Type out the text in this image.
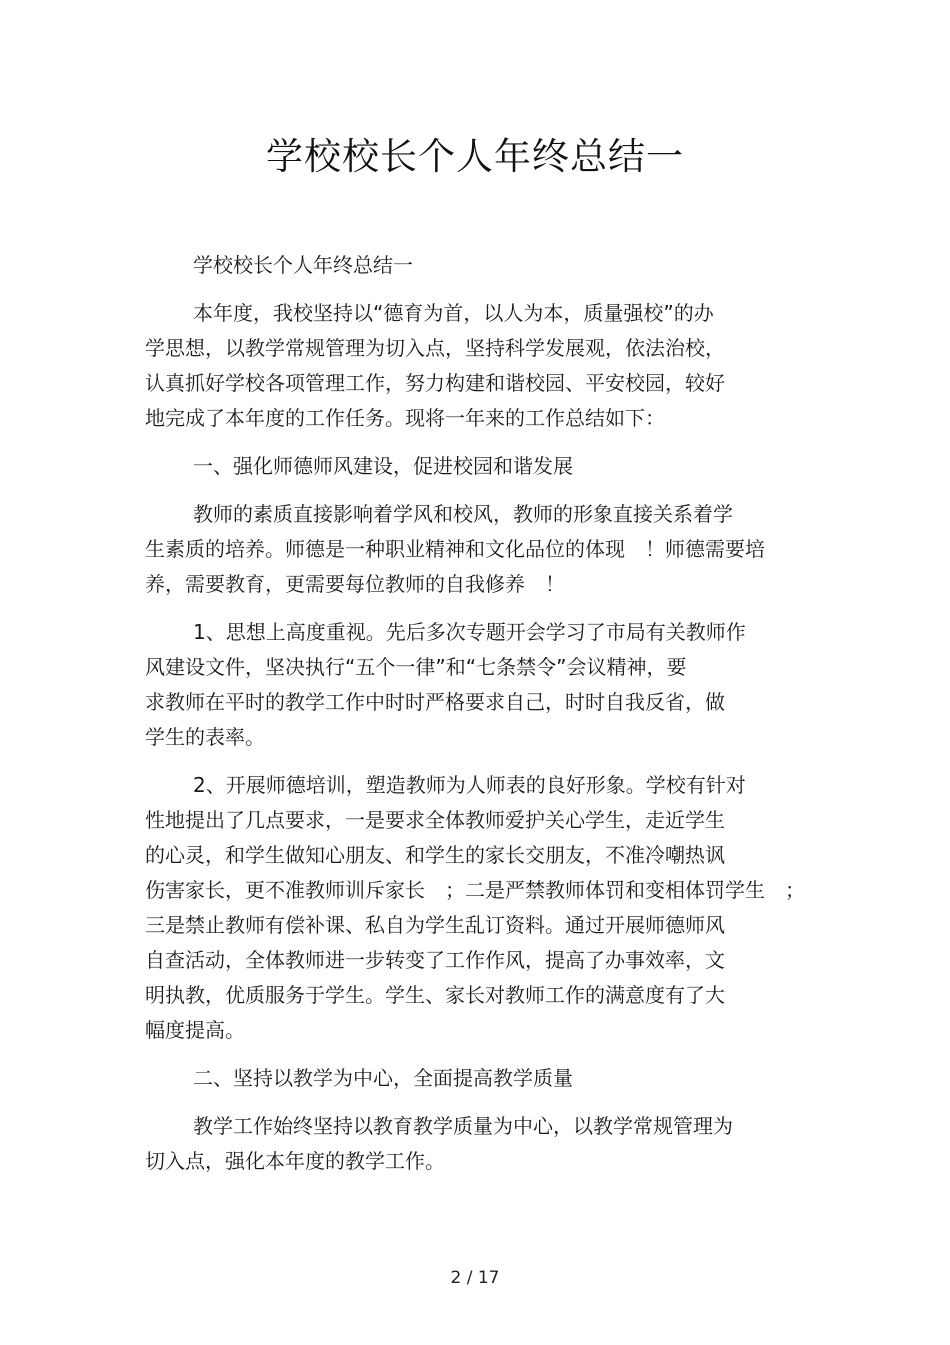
学校校长个人年终总结一

学校校长个人年终总结一

本年度，我校坚持以“德育为首，以人为本，质量强校”的办
学思想，以教学常规管理为切入点，坚持科学发展观，依法治校，
认真抓好学校各项管理工作，努力构建和谐校园、平安校园，较好
地完成了本年度的工作任务。现将一年来的工作总结如下：

一、强化师德师风建设，促进校园和谐发展

教师的素质直接影响着学风和校风，教师的形象直接关系着学
生素质的培养。师德是一种职业精神和文化品位的体现　！师德需要培
养，需要教育，更需要每位教师的自我修养　！

1、思想上高度重视。先后多次专题开会学习了市局有关教师作
风建设文件，坚决执行“五个一律”和“七条禁令”会议精神，要
求教师在平时的教学工作中时时严格要求自己，时时自我反省，做
学生的表率。

2、开展师德培训，塑造教师为人师表的良好形象。学校有针对
性地提出了几点要求，一是要求全体教师爱护关心学生，走近学生
的心灵，和学生做知心朋友、和学生的家长交朋友，不准冷嘲热讽
伤害家长，更不准教师训斥家长　；二是严禁教师体罚和变相体罚学生　；
三是禁止教师有偿补课、私自为学生乱订资料。通过开展师德师风
自查活动，全体教师进一步转变了工作作风，提高了办事效率，文
明执教，优质服务于学生。学生、家长对教师工作的满意度有了大
幅度提高。

二、坚持以教学为中心，全面提高教学质量

教学工作始终坚持以教育教学质量为中心，以教学常规管理为
切入点，强化本年度的教学工作。

2 / 17
